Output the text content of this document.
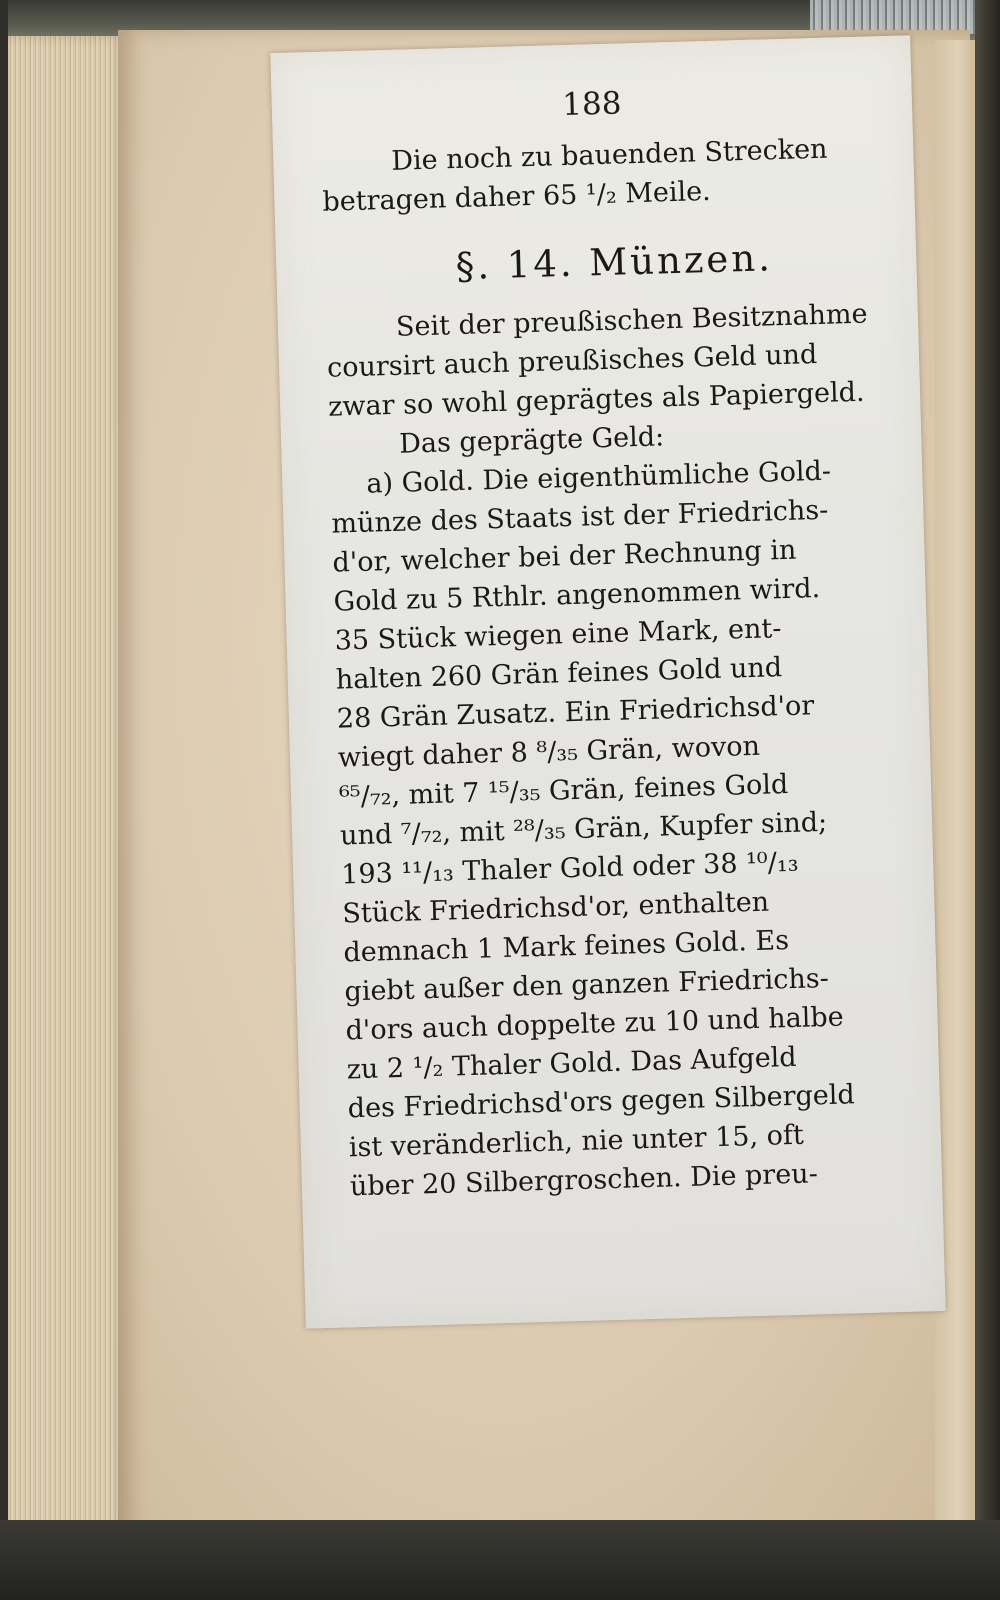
188
Die noch zu bauenden Strecken
betragen daher 65 ¹/₂ Meile.
§. 14. Münzen.
Seit der preußischen Besitznahme
coursirt auch preußisches Geld und
zwar so wohl geprägtes als Papiergeld.
Das geprägte Geld:
a) Gold. Die eigenthümliche Gold-
münze des Staats ist der Friedrichs-
d'or, welcher bei der Rechnung in
Gold zu 5 Rthlr. angenommen wird.
35 Stück wiegen eine Mark, ent-
halten 260 Grän feines Gold und
28 Grän Zusatz. Ein Friedrichsd'or
wiegt daher 8 ⁸/₃₅ Grän, wovon
⁶⁵/₇₂, mit 7 ¹⁵/₃₅ Grän, feines Gold
und ⁷/₇₂, mit ²⁸/₃₅ Grän, Kupfer sind;
193 ¹¹/₁₃ Thaler Gold oder 38 ¹⁰/₁₃
Stück Friedrichsd'or, enthalten
demnach 1 Mark feines Gold. Es
giebt außer den ganzen Friedrichs-
d'ors auch doppelte zu 10 und halbe
zu 2 ¹/₂ Thaler Gold. Das Aufgeld
des Friedrichsd'ors gegen Silbergeld
ist veränderlich, nie unter 15, oft
über 20 Silbergroschen. Die preu-
